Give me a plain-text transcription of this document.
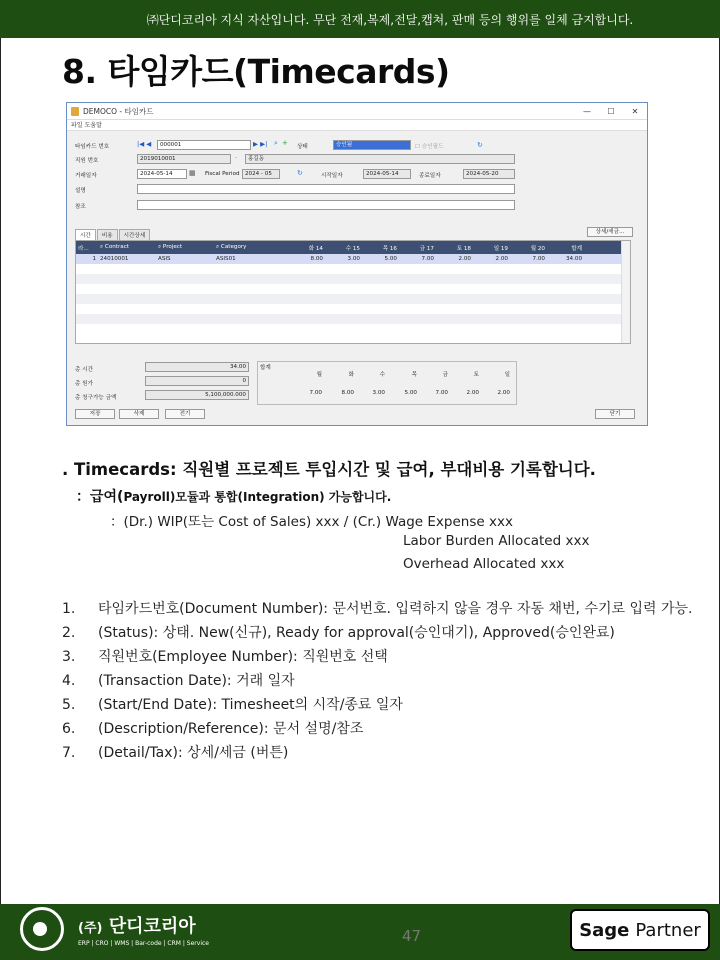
㈜단디코리아 지식 자산입니다. 무단 전재,복제,전달,캡쳐, 판매 등의 행위를 일체 금지합니다.
8. 타임카드(Timecards)
DEMOCO - 타임카드	—	☐	✕
파일 도움말
타임카드 번호	|◀ ◀	000001	▶ ▶| ⌕ + 상태	승인됨	☐ 승인필드	↻
직원 번호	2019010001	·	홍길동
거래일자	2024-05-14	▦ Fiscal Period 2024 - 05	↻	시작일자	2024-05-14	종료일자	2024-05-20
설명
참조
시간	비용	시간상세
상세/세금...
라...	⌕ Contract	⌕ Project	⌕ Category	화 14	수 15	목 16	금 17	토 18	일 19	월 20	합계
1 24010001	ASIS	ASIS01	8.00	3.00	5.00	7.00	2.00	2.00	7.00	34.00
총 시간	34.00
총 원가	0
총 청구가능 금액	5,100,000.000
합계
월	화	수	목	금	토	일
7.00	8.00	3.00	5.00	7.00	2.00	2.00
저장	삭제	전기	닫기
. Timecards: 직원별 프로젝트 투입시간 및 급여, 부대비용 기록합니다.
：급여(Payroll)모듈과 통합(Integration) 가능합니다.
：(Dr.) WIP(또는 Cost of Sales) xxx / (Cr.) Wage Expense xxx
Labor Burden Allocated xxx
Overhead Allocated xxx
1.	타임카드번호(Document Number): 문서번호. 입력하지 않을 경우 자동 채번, 수기로 입력 가능.
2.	(Status): 상태. New(신규), Ready for approval(승인대기), Approved(승인완료)
3.	직원번호(Employee Number): 직원번호 선택
4.	(Transaction Date): 거래 일자
5.	(Start/End Date): Timesheet의 시작/종료 일자
6.	(Description/Reference): 문서 설명/참조
7.	(Detail/Tax): 상세/세금 (버튼)
(주) 단디코리아
ERP | CRO | WMS | Bar-code | CRM | Service	47	Sage Partner
